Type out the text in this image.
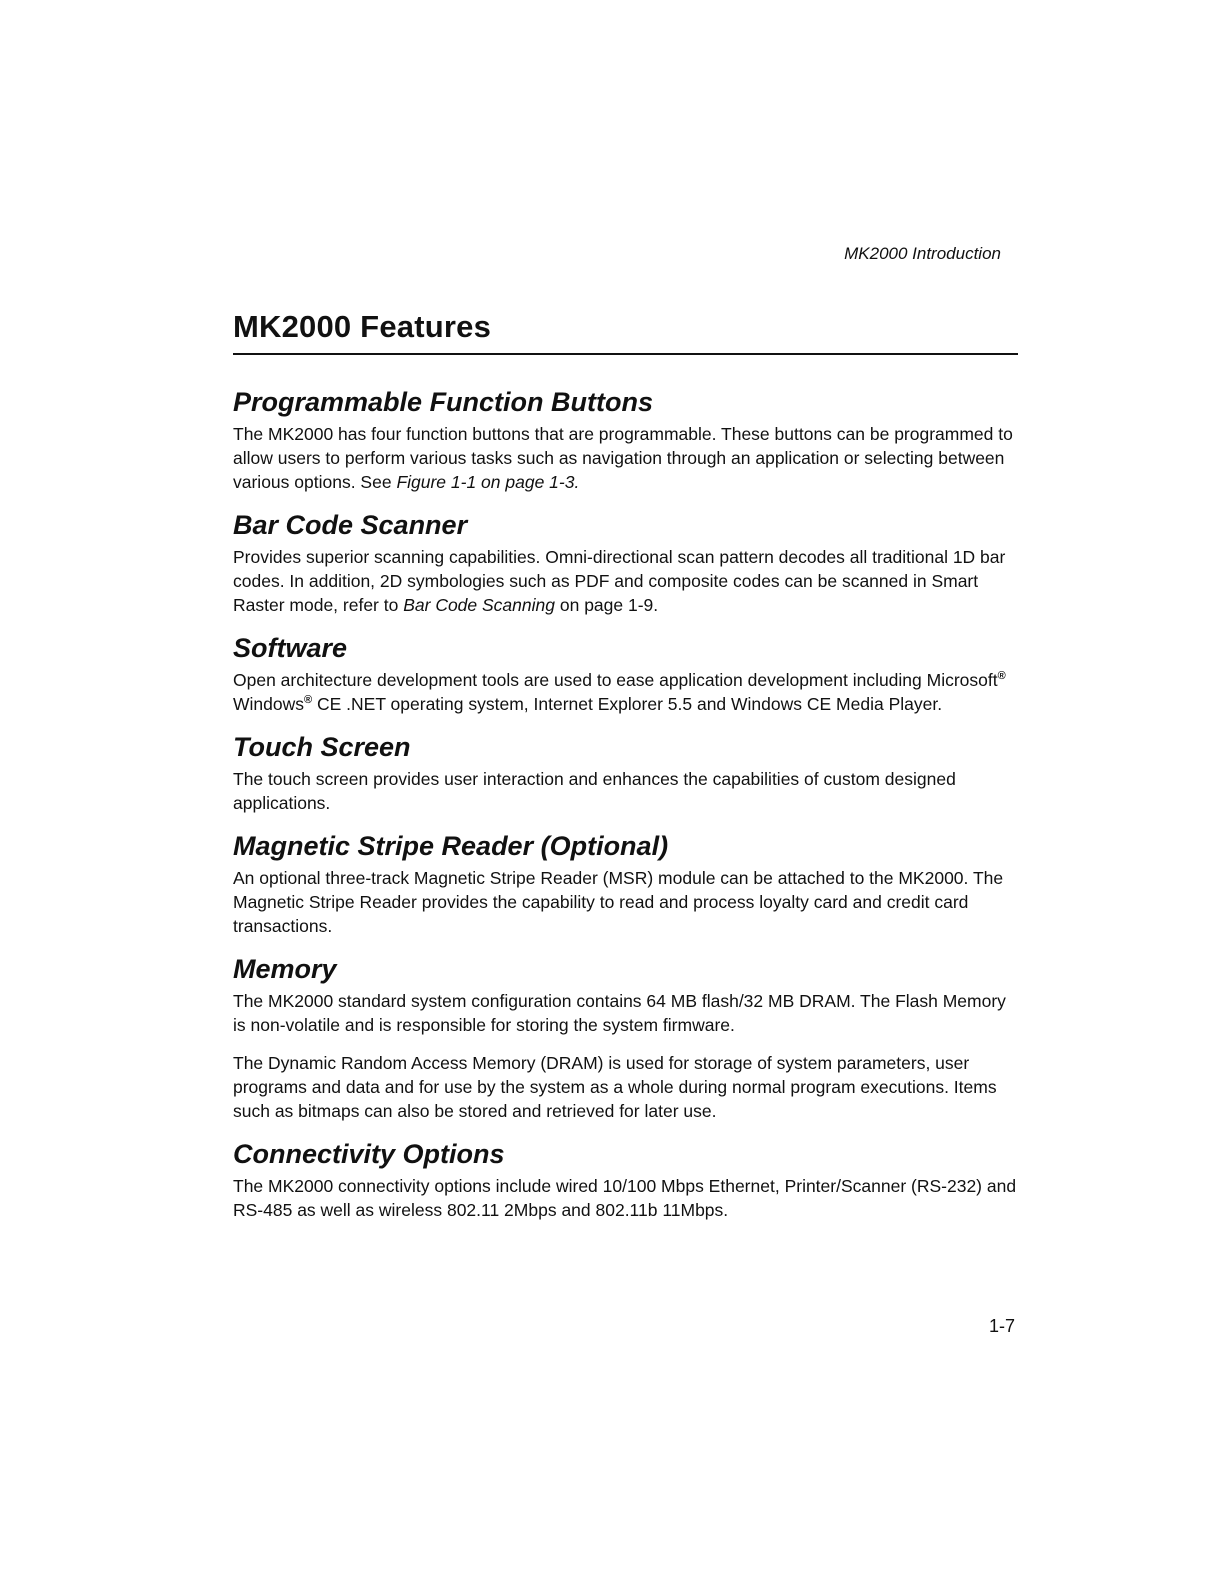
MK2000 Introduction
MK2000 Features
Programmable Function Buttons

The MK2000 has four function buttons that are programmable. These buttons can be programmed to allow users to perform various tasks such as navigation through an application or selecting between various options. See Figure 1-1 on page 1-3.

Bar Code Scanner

Provides superior scanning capabilities. Omni-directional scan pattern decodes all traditional 1D bar codes. In addition, 2D symbologies such as PDF and composite codes can be scanned in Smart Raster mode, refer to Bar Code Scanning on page 1-9.

Software

Open architecture development tools are used to ease application development including Microsoft® Windows® CE .NET operating system, Internet Explorer 5.5 and Windows CE Media Player.

Touch Screen

The touch screen provides user interaction and enhances the capabilities of custom designed applications.

Magnetic Stripe Reader (Optional)

An optional three-track Magnetic Stripe Reader (MSR) module can be attached to the MK2000. The Magnetic Stripe Reader provides the capability to read and process loyalty card and credit card transactions.

Memory

The MK2000 standard system configuration contains 64 MB flash/32 MB DRAM. The Flash Memory is non-volatile and is responsible for storing the system firmware.

The Dynamic Random Access Memory (DRAM) is used for storage of system parameters, user programs and data and for use by the system as a whole during normal program executions. Items such as bitmaps can also be stored and retrieved for later use.

Connectivity Options

The MK2000 connectivity options include wired 10/100 Mbps Ethernet, Printer/Scanner (RS-232) and RS-485 as well as wireless 802.11 2Mbps and 802.11b 11Mbps.

1-7
